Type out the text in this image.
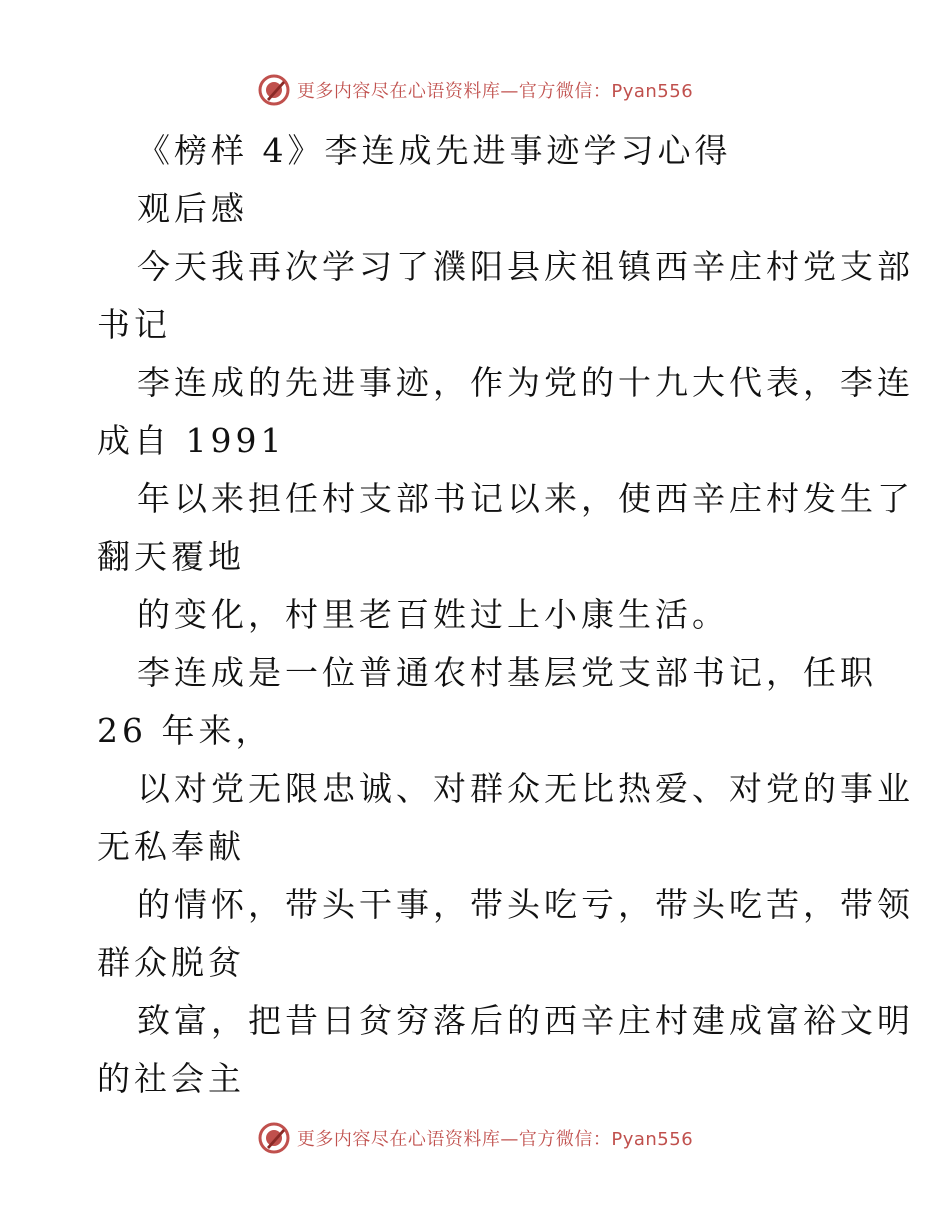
更多内容尽在心语资料库—官方微信：Pyan556
《榜样 4》李连成先进事迹学习心得
观后感
今天我再次学习了濮阳县庆祖镇西辛庄村党支部
书记
李连成的先进事迹，作为党的十九大代表，李连
成自 1991
年以来担任村支部书记以来，使西辛庄村发生了
翻天覆地
的变化，村里老百姓过上小康生活。
李连成是一位普通农村基层党支部书记，任职
26 年来，
以对党无限忠诚、对群众无比热爱、对党的事业
无私奉献
的情怀，带头干事，带头吃亏，带头吃苦，带领
群众脱贫
致富，把昔日贫穷落后的西辛庄村建成富裕文明
的社会主
更多内容尽在心语资料库—官方微信：Pyan556
